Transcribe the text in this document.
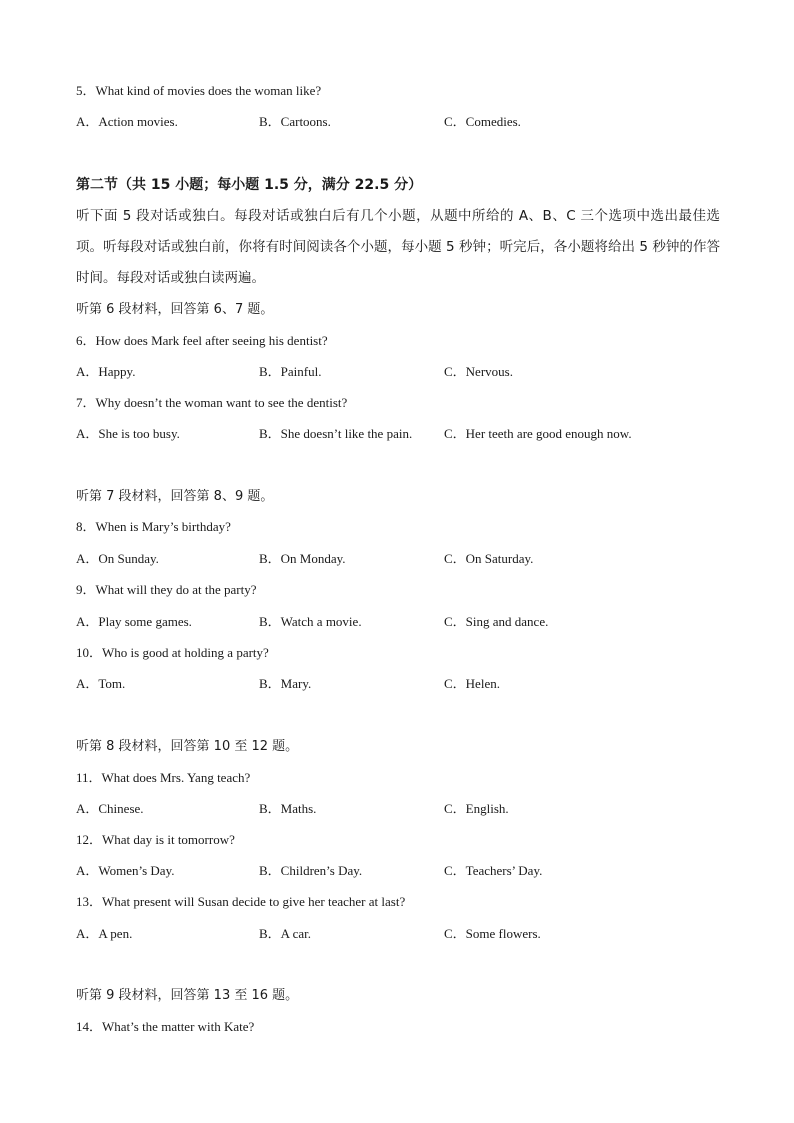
5．What kind of movies does the woman like?
A．Action movies.	B．Cartoons.	C．Comedies.
第二节（共 15 小题；每小题 1.5 分，满分 22.5 分）
听下面 5 段对话或独白。每段对话或独白后有几个小题，从题中所给的 A、B、C 三个选项中选出最佳选项。听每段对话或独白前，你将有时间阅读各个小题，每小题 5 秒钟；听完后，各小题将给出 5 秒钟的作答时间。每段对话或独白读两遍。
听第 6 段材料，回答第 6、7 题。
6．How does Mark feel after seeing his dentist?
A．Happy.	B．Painful.	C．Nervous.
7．Why doesn’t the woman want to see the dentist?
A．She is too busy.	B．She doesn’t like the pain. C．Her teeth are good enough now.
听第 7 段材料，回答第 8、9 题。
8．When is Mary’s birthday?
A．On Sunday.	B．On Monday.	C．On Saturday.
9．What will they do at the party?
A．Play some games.	B．Watch a movie.	C．Sing and dance.
10．Who is good at holding a party?
A．Tom.	B．Mary.	C．Helen.
听第 8 段材料，回答第 10 至 12 题。
11．What does Mrs. Yang teach?
A．Chinese.	B．Maths.	C．English.
12．What day is it tomorrow?
A．Women’s Day.	B．Children’s Day.	C．Teachers’ Day.
13．What present will Susan decide to give her teacher at last?
A．A pen.	B．A car.	C．Some flowers.
听第 9 段材料，回答第 13 至 16 题。
14．What’s the matter with Kate?
